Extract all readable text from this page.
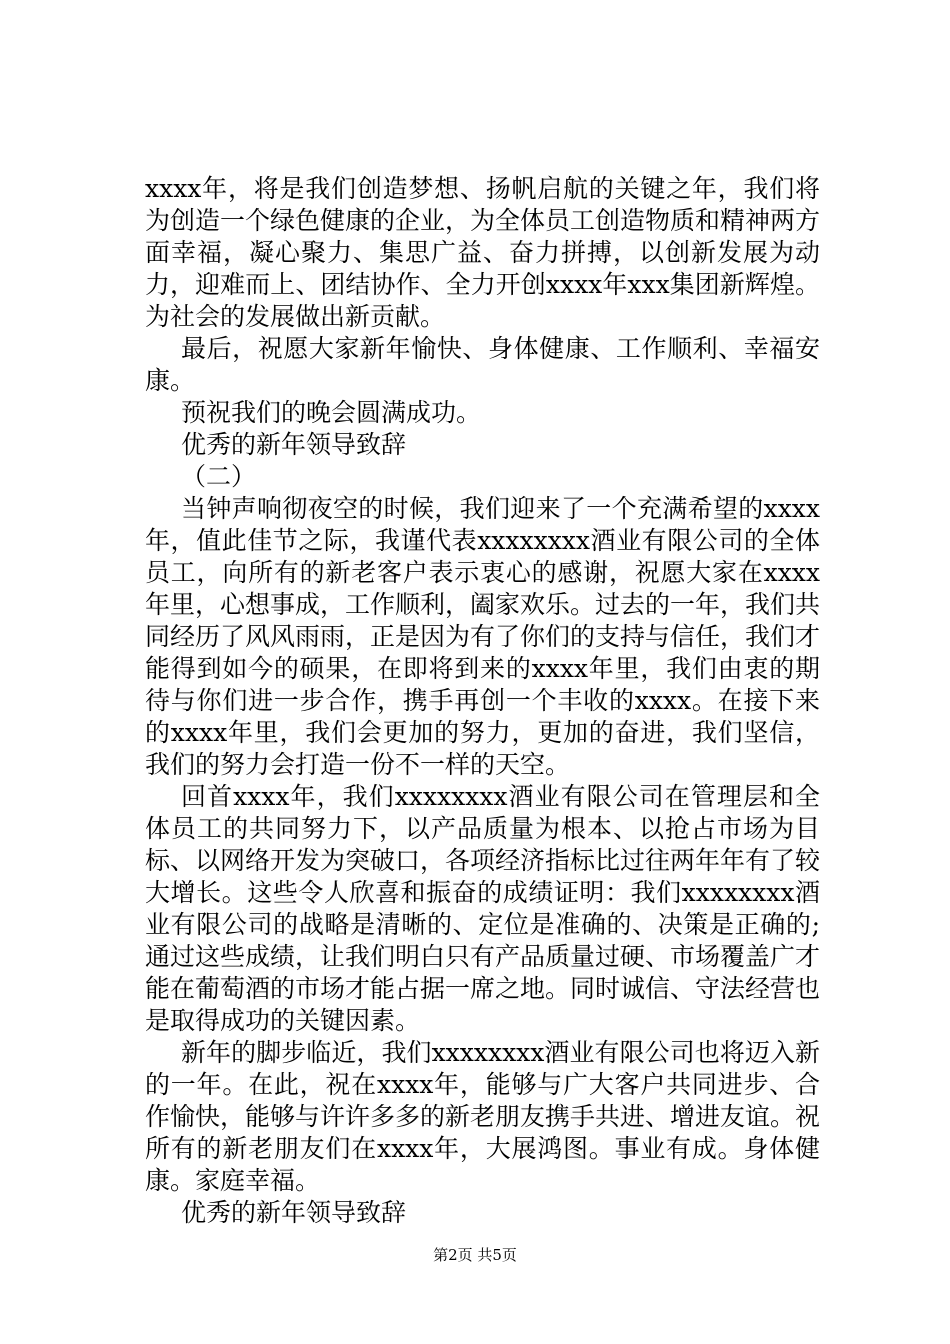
xxxx年，将是我们创造梦想、扬帆启航的关键之年，我们将为创造一个绿色健康的企业，为全体员工创造物质和精神两方面幸福，凝心聚力、集思广益、奋力拼搏，以创新发展为动力，迎难而上、团结协作、全力开创xxxx年xxx集团新辉煌。为社会的发展做出新贡献。

最后，祝愿大家新年愉快、身体健康、工作顺利、幸福安康。

预祝我们的晚会圆满成功。

优秀的新年领导致辞

（二）

当钟声响彻夜空的时候，我们迎来了一个充满希望的xxxx年，值此佳节之际，我谨代表xxxxxxxx酒业有限公司的全体员工，向所有的新老客户表示衷心的感谢，祝愿大家在xxxx年里，心想事成，工作顺利，阖家欢乐。过去的一年，我们共同经历了风风雨雨，正是因为有了你们的支持与信任，我们才能得到如今的硕果，在即将到来的xxxx年里，我们由衷的期待与你们进一步合作，携手再创一个丰收的xxxx。在接下来的xxxx年里，我们会更加的努力，更加的奋进，我们坚信，我们的努力会打造一份不一样的天空。

回首xxxx年，我们xxxxxxxx酒业有限公司在管理层和全体员工的共同努力下，以产品质量为根本、以抢占市场为目标、以网络开发为突破口，各项经济指标比过往两年年有了较大增长。这些令人欣喜和振奋的成绩证明：我们xxxxxxxx酒业有限公司的战略是清晰的、定位是准确的、决策是正确的;通过这些成绩，让我们明白只有产品质量过硬、市场覆盖广才能在葡萄酒的市场才能占据一席之地。同时诚信、守法经营也是取得成功的关键因素。

新年的脚步临近，我们xxxxxxxx酒业有限公司也将迈入新的一年。在此，祝在xxxx年，能够与广大客户共同进步、合作愉快，能够与许许多多的新老朋友携手共进、增进友谊。祝所有的新老朋友们在xxxx年，大展鸿图。事业有成。身体健康。家庭幸福。

优秀的新年领导致辞

第2页 共5页
